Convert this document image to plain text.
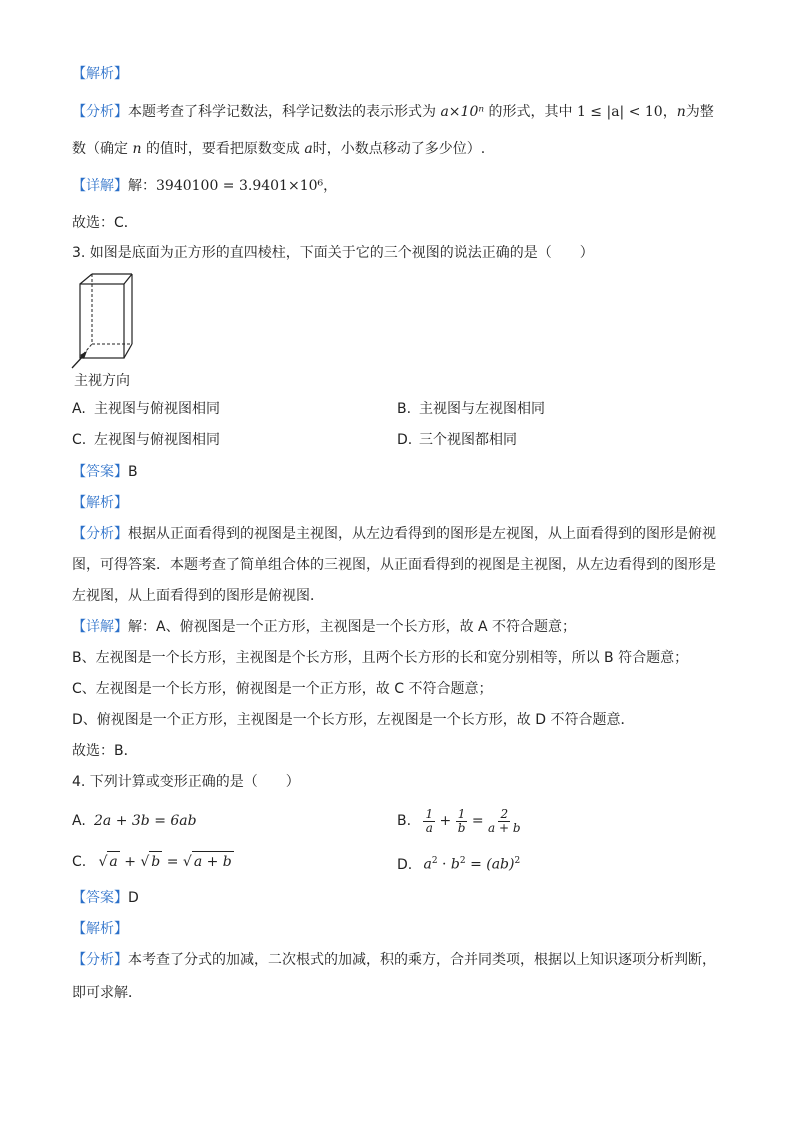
【解析】
【分析】本题考查了科学记数法，科学记数法的表示形式为 a×10ⁿ 的形式，其中 1 ≤ |a| < 10，n为整
数（确定 n 的值时，要看把原数变成 a时，小数点移动了多少位）.
【详解】解：3940100 = 3.9401×10⁶，
故选：C．
3. 如图是底面为正方形的直四棱柱，下面关于它的三个视图的说法正确的是（　　）
主视方向
A. 主视图与俯视图相同	B. 主视图与左视图相同
C. 左视图与俯视图相同	D. 三个视图都相同
【答案】B
【解析】
【分析】根据从正面看得到的视图是主视图，从左边看得到的图形是左视图，从上面看得到的图形是俯视
图，可得答案．本题考查了简单组合体的三视图，从正面看得到的视图是主视图，从左边看得到的图形是
左视图，从上面看得到的图形是俯视图．
【详解】解：A、俯视图是一个正方形，主视图是一个长方形，故 A 不符合题意；
B、左视图是一个长方形，主视图是个长方形，且两个长方形的长和宽分别相等，所以 B 符合题意；
C、左视图是一个长方形，俯视图是一个正方形，故 C 不符合题意；
D、俯视图是一个正方形，主视图是一个长方形，左视图是一个长方形，故 D 不符合题意．
故选：B．
4. 下列计算或变形正确的是（　　）
A. 2a + 3b = 6ab	B. $\frac{1}{a} + \frac{1}{b} = \frac{2}{a + b}$
C. √ a + √ b = √ a + b	D. $a^2 \cdot b^2 = (ab)^2$
【答案】D
【解析】
【分析】本考查了分式的加减，二次根式的加减，积的乘方，合并同类项，根据以上知识逐项分析判断，
即可求解．
